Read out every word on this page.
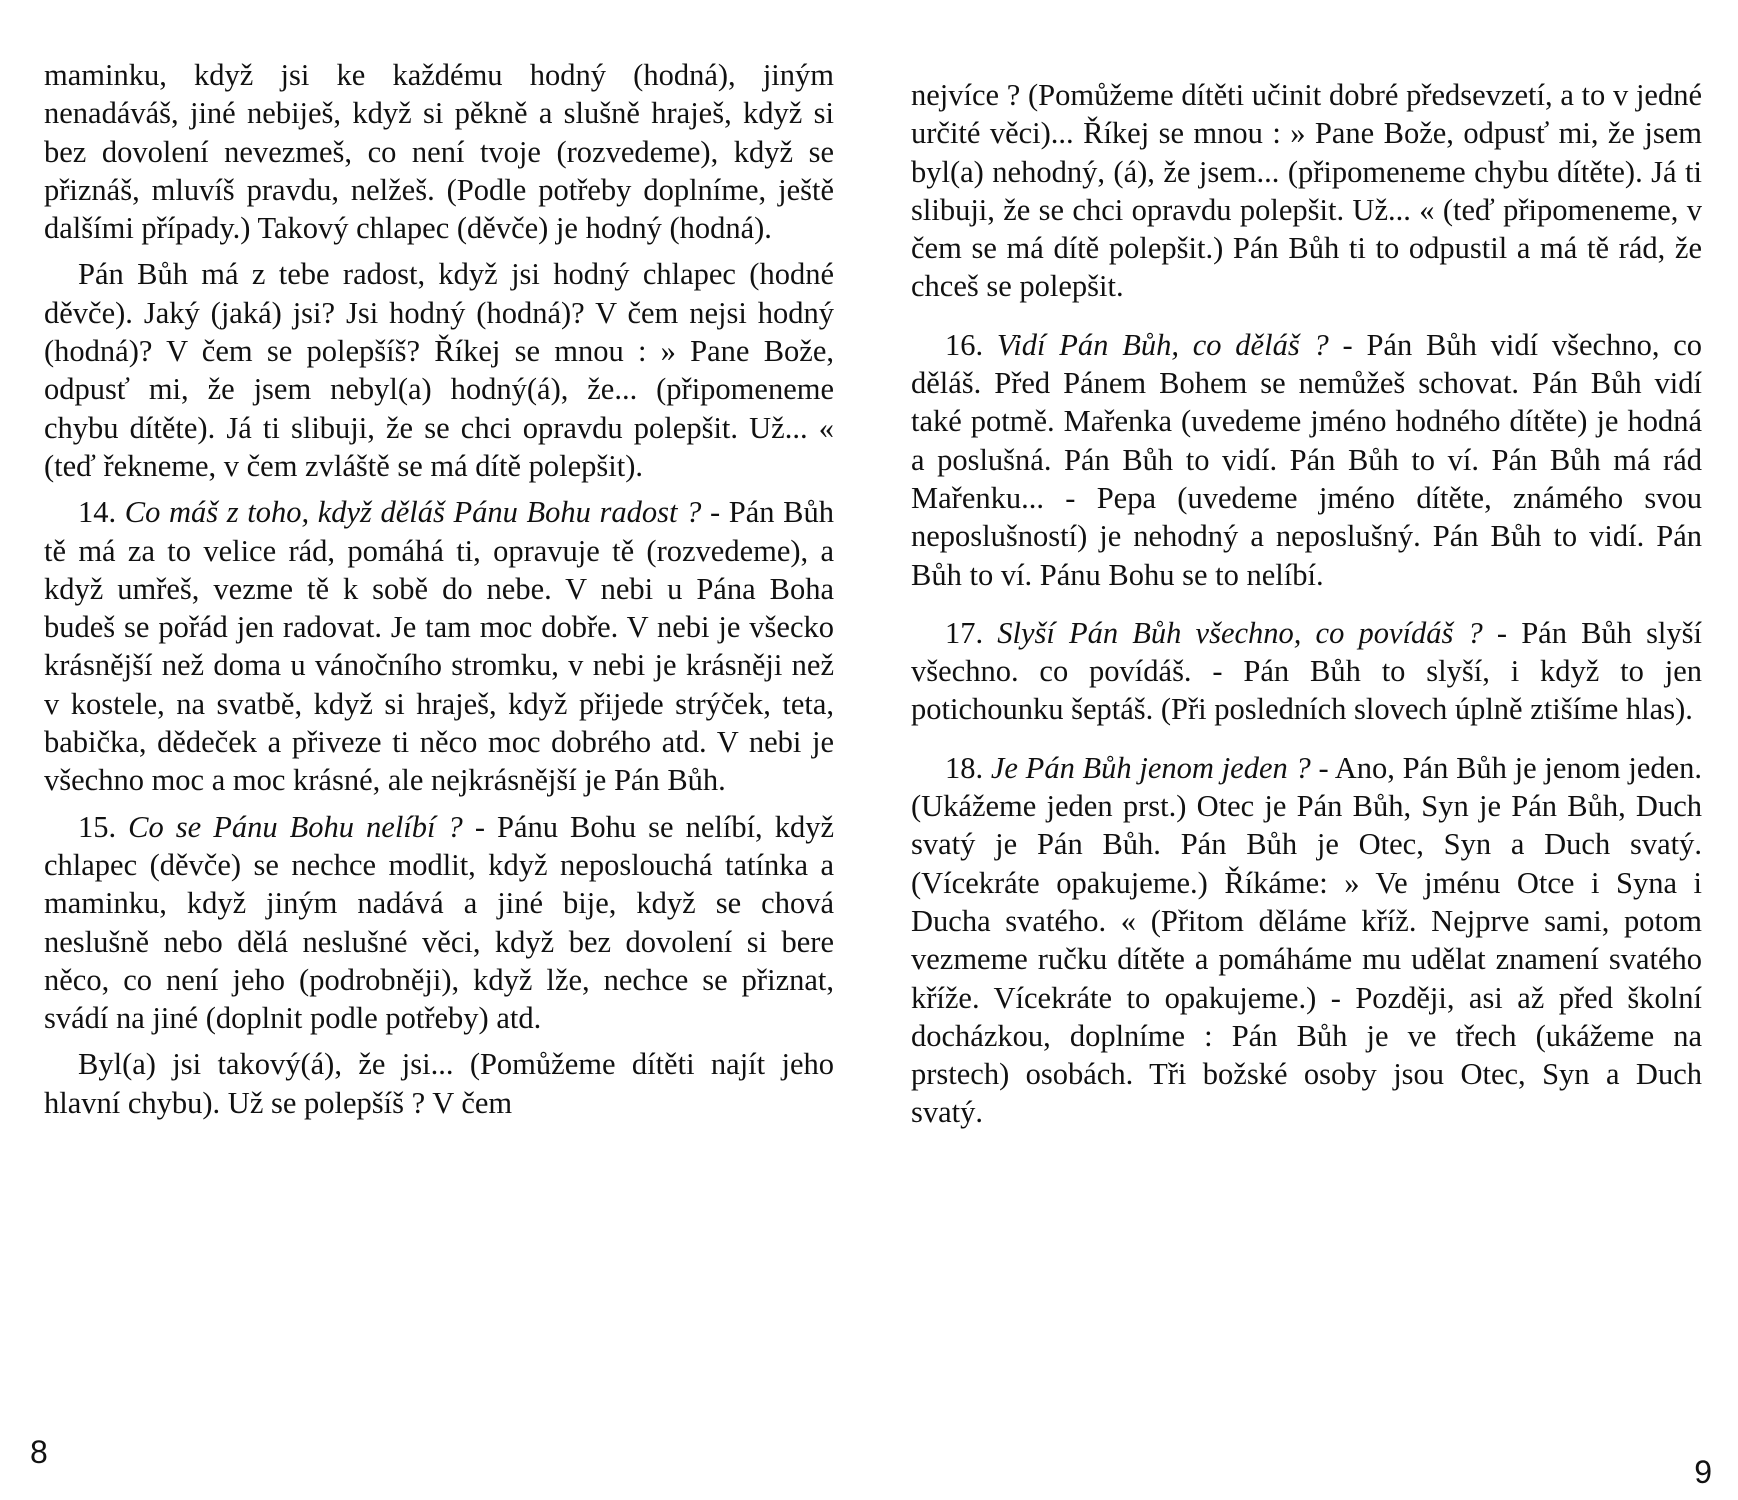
maminku, když jsi ke každému hodný (hodná), jiným nenadáváš, jiné nebiješ, když si pěkně a slušně hraješ, když si bez dovolení nevezmeš, co není tvoje (rozvedeme), když se přiznáš, mluvíš pravdu, nelžeš. (Podle potřeby doplníme, ještě dalšími případy.) Takový chlapec (děvče) je hodný (hodná).

Pán Bůh má z tebe radost, když jsi hodný chlapec (hodné děvče). Jaký (jaká) jsi? Jsi hodný (hodná)? V čem nejsi hodný (hodná)? V čem se polepšíš? Říkej se mnou : » Pane Bože, odpusť mi, že jsem nebyl(a) hodný(á), že... (připomeneme chybu dítěte). Já ti slibuji, že se chci opravdu polepšit. Už... « (teď řekneme, v čem zvláště se má dítě polepšit).

14. Co máš z toho, když děláš Pánu Bohu radost ? - Pán Bůh tě má za to velice rád, pomáhá ti, opravuje tě (rozvedeme), a když umřeš, vezme tě k sobě do nebe. V nebi u Pána Boha budeš se pořád jen radovat. Je tam moc dobře. V nebi je všecko krásnější než doma u vánočního stromku, v nebi je krásněji než v kostele, na svatbě, když si hraješ, když přijede strýček, teta, babička, dědeček a přiveze ti něco moc dobrého atd. V nebi je všechno moc a moc krásné, ale nejkrásnější je Pán Bůh.

15. Co se Pánu Bohu nelíbí ? - Pánu Bohu se nelíbí, když chlapec (děvče) se nechce modlit, když neposlouchá tatínka a maminku, když jiným nadává a jiné bije, když se chová neslušně nebo dělá neslušné věci, když bez dovolení si bere něco, co není jeho (podrobněji), když lže, nechce se přiznat, svádí na jiné (doplnit podle potřeby) atd.

Byl(a) jsi takový(á), že jsi... (Pomůžeme dítěti najít jeho hlavní chybu). Už se polepšíš ? V čem

8

nejvíce ? (Pomůžeme dítěti učinit dobré předsevzetí, a to v jedné určité věci)... Říkej se mnou : » Pane Bože, odpusť mi, že jsem byl(a) nehodný, (á), že jsem... (připomeneme chybu dítěte). Já ti slibuji, že se chci opravdu polepšit. Už... « (teď připomeneme, v čem se má dítě polepšit.) Pán Bůh ti to odpustil a má tě rád, že chceš se polepšit.

16. Vidí Pán Bůh, co děláš ? - Pán Bůh vidí všechno, co děláš. Před Pánem Bohem se nemůžeš schovat. Pán Bůh vidí také potmě. Mařenka (uvedeme jméno hodného dítěte) je hodná a poslušná. Pán Bůh to vidí. Pán Bůh to ví. Pán Bůh má rád Mařenku... - Pepa (uvedeme jméno dítěte, známého svou neposlušností) je nehodný a neposlušný. Pán Bůh to vidí. Pán Bůh to ví. Pánu Bohu se to nelíbí.

17. Slyší Pán Bůh všechno, co povídáš ? - Pán Bůh slyší všechno. co povídáš. - Pán Bůh to slyší, i když to jen potichounku šeptáš. (Při posledních slovech úplně ztišíme hlas).

18. Je Pán Bůh jenom jeden ? - Ano, Pán Bůh je jenom jeden. (Ukážeme jeden prst.) Otec je Pán Bůh, Syn je Pán Bůh, Duch svatý je Pán Bůh. Pán Bůh je Otec, Syn a Duch svatý. (Vícekráte opakujeme.) Říkáme: » Ve jménu Otce i Syna i Ducha svatého. « (Přitom děláme kříž. Nejprve sami, potom vezmeme ručku dítěte a pomáháme mu udělat znamení svatého kříže. Vícekráte to opakujeme.) - Později, asi až před školní docházkou, doplníme : Pán Bůh je ve třech (ukážeme na prstech) osobách. Tři božské osoby jsou Otec, Syn a Duch svatý.

9
